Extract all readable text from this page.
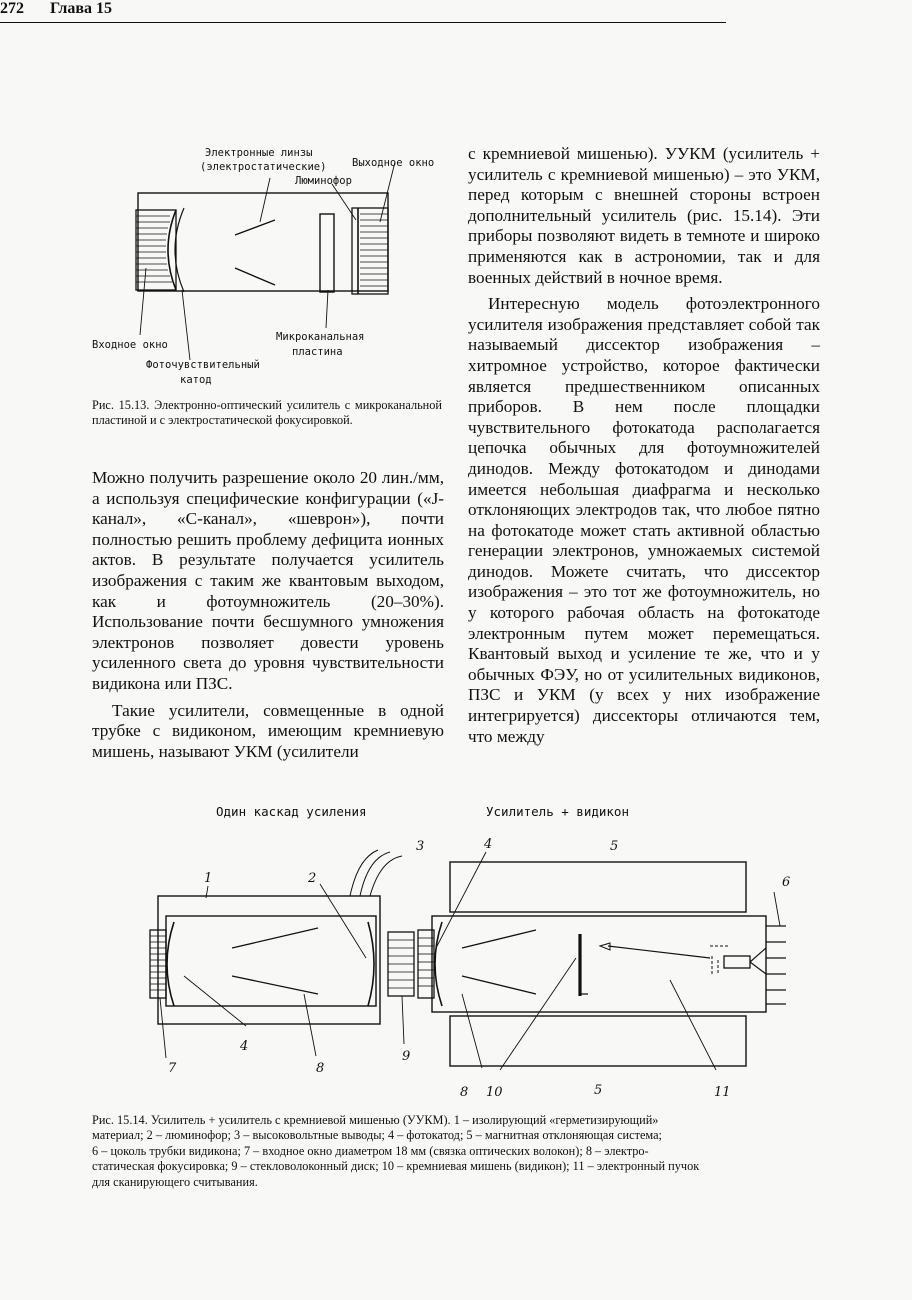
272 Глава 15
Электронные линзы
(электростатические) Выходное окно
Люминофор
Входное окно
Микроканальная
пластина
Фоточувствительный
катод
Рис. 15.13. Электронно-оптический усилитель с микроканальной пластиной и с электростатической фокусировкой.

Можно получить разрешение около 20 лин./мм, а используя специфические конфигурации («J-канал», «С-канал», «шеврон»), почти полностью решить проблему дефицита ионных актов. В результате получается усилитель изображения с таким же квантовым выходом, как и фотоумножитель (20–30%). Использование почти бесшумного умножения электронов позволяет довести уровень усиленного света до уровня чувствительности видикона или ПЗС.

Такие усилители, совмещенные в одной трубке с видиконом, имеющим кремниевую мишень, называют УКМ (усилители

с кремниевой мишенью). УУКМ (усилитель + усилитель с кремниевой мишенью) – это УКМ, перед которым с внешней стороны встроен дополнительный усилитель (рис. 15.14). Эти приборы позволяют видеть в темноте и широко применяются как в астрономии, так и для военных действий в ночное время.

Интересную модель фотоэлектронного усилителя изображения представляет собой так называемый диссектор изображения – хитромное устройство, которое фактически является предшественником описанных приборов. В нем после площадки чувствительного фотокатода располагается цепочка обычных для фотоумножителей динодов. Между фотокатодом и динодами имеется небольшая диафрагма и несколько отклоняющих электродов так, что любое пятно на фотокатоде может стать активной областью генерации электронов, умножаемых системой динодов. Можете считать, что диссектор изображения – это тот же фотоумножитель, но у которого рабочая область на фотокатоде электронным путем может перемещаться. Квантовый выход и усиление те же, что и у обычных ФЭУ, но от усилительных видиконов, ПЗС и УКМ (у всех у них изображение интегрируется) диссекторы отличаются тем, что между

Один каскад усиления	Усилитель + видикон
1	2
3	4
4
5
5
6
7	8
8
9
10	11
Рис. 15.14. Усилитель + усилитель с кремниевой мишенью (УУКМ). 1 – изолирующий «герметизирующий»
материал; 2 – люминофор; 3 – высоковольтные выводы; 4 – фотокатод; 5 – магнитная отклоняющая система;
6 – цоколь трубки видикона; 7 – входное окно диаметром 18 мм (связка оптических волокон); 8 – электро-
статическая фокусировка; 9 – стекловолоконный диск; 10 – кремниевая мишень (видикон); 11 – электронный пучок
для сканирующего считывания.
